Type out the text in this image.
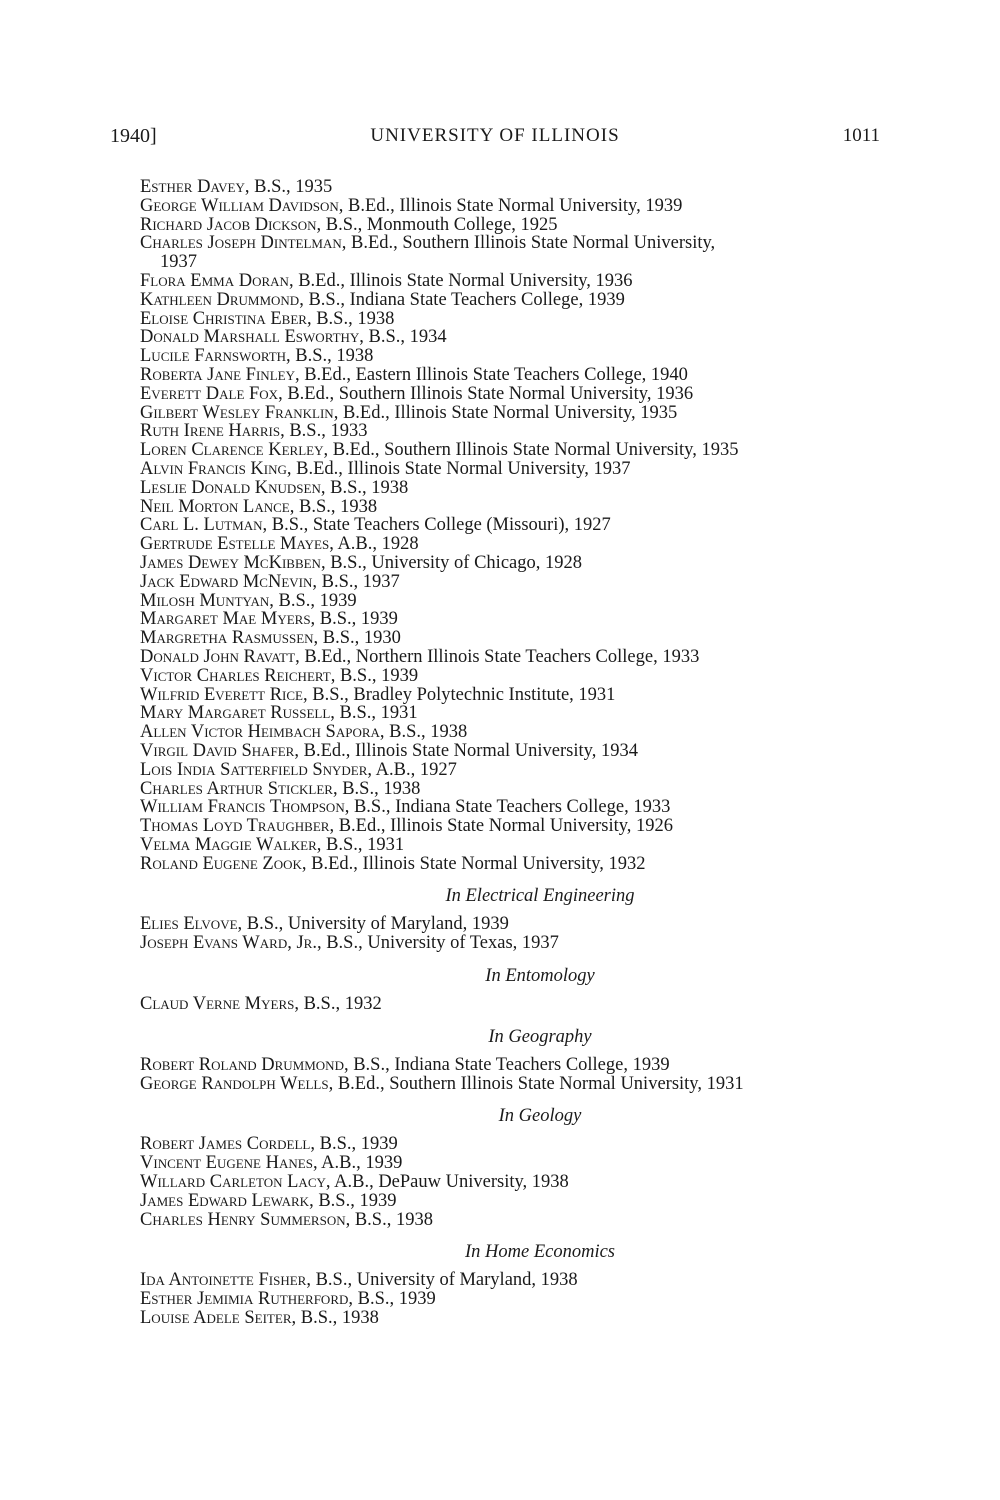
1940]	UNIVERSITY OF ILLINOIS	1011
Esther Davey, B.S., 1935
George William Davidson, B.Ed., Illinois State Normal University, 1939
Richard Jacob Dickson, B.S., Monmouth College, 1925
Charles Joseph Dintelman, B.Ed., Southern Illinois State Normal University,
1937
Flora Emma Doran, B.Ed., Illinois State Normal University, 1936
Kathleen Drummond, B.S., Indiana State Teachers College, 1939
Eloise Christina Eber, B.S., 1938
Donald Marshall Esworthy, B.S., 1934
Lucile Farnsworth, B.S., 1938
Roberta Jane Finley, B.Ed., Eastern Illinois State Teachers College, 1940
Everett Dale Fox, B.Ed., Southern Illinois State Normal University, 1936
Gilbert Wesley Franklin, B.Ed., Illinois State Normal University, 1935
Ruth Irene Harris, B.S., 1933
Loren Clarence Kerley, B.Ed., Southern Illinois State Normal University, 1935
Alvin Francis King, B.Ed., Illinois State Normal University, 1937
Leslie Donald Knudsen, B.S., 1938
Neil Morton Lance, B.S., 1938
Carl L. Lutman, B.S., State Teachers College (Missouri), 1927
Gertrude Estelle Mayes, A.B., 1928
James Dewey McKibben, B.S., University of Chicago, 1928
Jack Edward McNevin, B.S., 1937
Milosh Muntyan, B.S., 1939
Margaret Mae Myers, B.S., 1939
Margretha Rasmussen, B.S., 1930
Donald John Ravatt, B.Ed., Northern Illinois State Teachers College, 1933
Victor Charles Reichert, B.S., 1939
Wilfrid Everett Rice, B.S., Bradley Polytechnic Institute, 1931
Mary Margaret Russell, B.S., 1931
Allen Victor Heimbach Sapora, B.S., 1938
Virgil David Shafer, B.Ed., Illinois State Normal University, 1934
Lois India Satterfield Snyder, A.B., 1927
Charles Arthur Stickler, B.S., 1938
William Francis Thompson, B.S., Indiana State Teachers College, 1933
Thomas Loyd Traughber, B.Ed., Illinois State Normal University, 1926
Velma Maggie Walker, B.S., 1931
Roland Eugene Zook, B.Ed., Illinois State Normal University, 1932
In Electrical Engineering
Elies Elvove, B.S., University of Maryland, 1939
Joseph Evans Ward, Jr., B.S., University of Texas, 1937
In Entomology
Claud Verne Myers, B.S., 1932
In Geography
Robert Roland Drummond, B.S., Indiana State Teachers College, 1939
George Randolph Wells, B.Ed., Southern Illinois State Normal University, 1931
In Geology
Robert James Cordell, B.S., 1939
Vincent Eugene Hanes, A.B., 1939
Willard Carleton Lacy, A.B., DePauw University, 1938
James Edward Lewark, B.S., 1939
Charles Henry Summerson, B.S., 1938
In Home Economics
Ida Antoinette Fisher, B.S., University of Maryland, 1938
Esther Jemimia Rutherford, B.S., 1939
Louise Adele Seiter, B.S., 1938
